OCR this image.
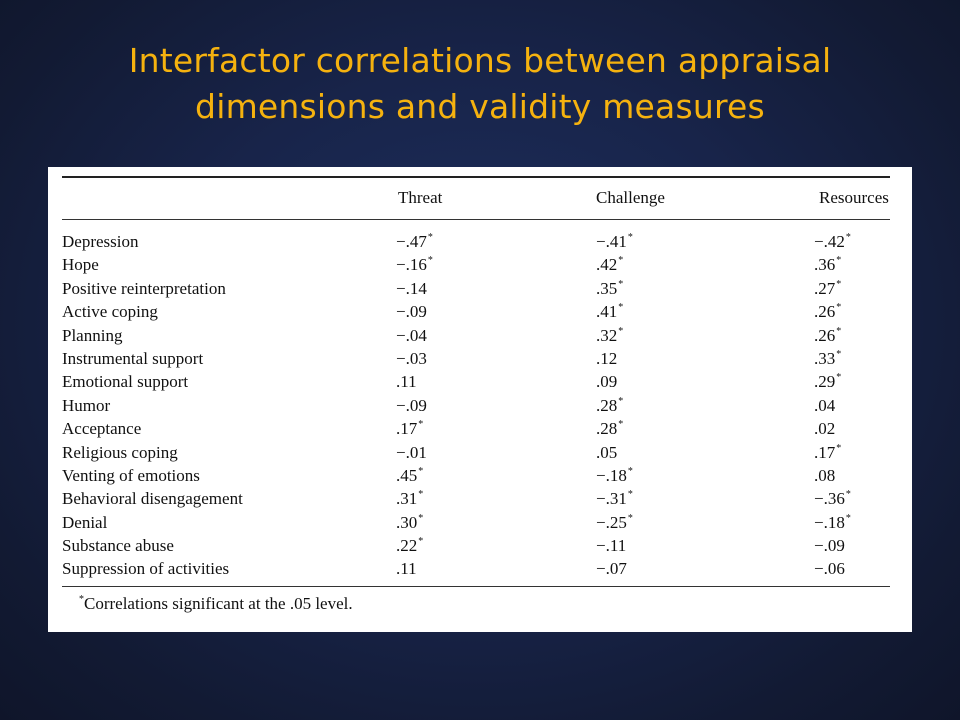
Interfactor correlations between appraisal
dimensions and validity measures
Threat	Challenge	Resources
Depression	−.47*	−.41*	−.42*
Hope	−.16*	.42*	.36*
Positive reinterpretation	−.14	.35*	.27*
Active coping	−.09	.41*	.26*
Planning	−.04	.32*	.26*
Instrumental support	−.03	.12	.33*
Emotional support	.11	.09	.29*
Humor	−.09	.28*	.04
Acceptance	.17*	.28*	.02
Religious coping	−.01	.05	.17*
Venting of emotions	.45*	−.18*	.08
Behavioral disengagement	.31*	−.31*	−.36*
Denial	.30*	−.25*	−.18*
Substance abuse	.22*	−.11	−.09
Suppression of activities	.11	−.07	−.06
*Correlations significant at the .05 level.
